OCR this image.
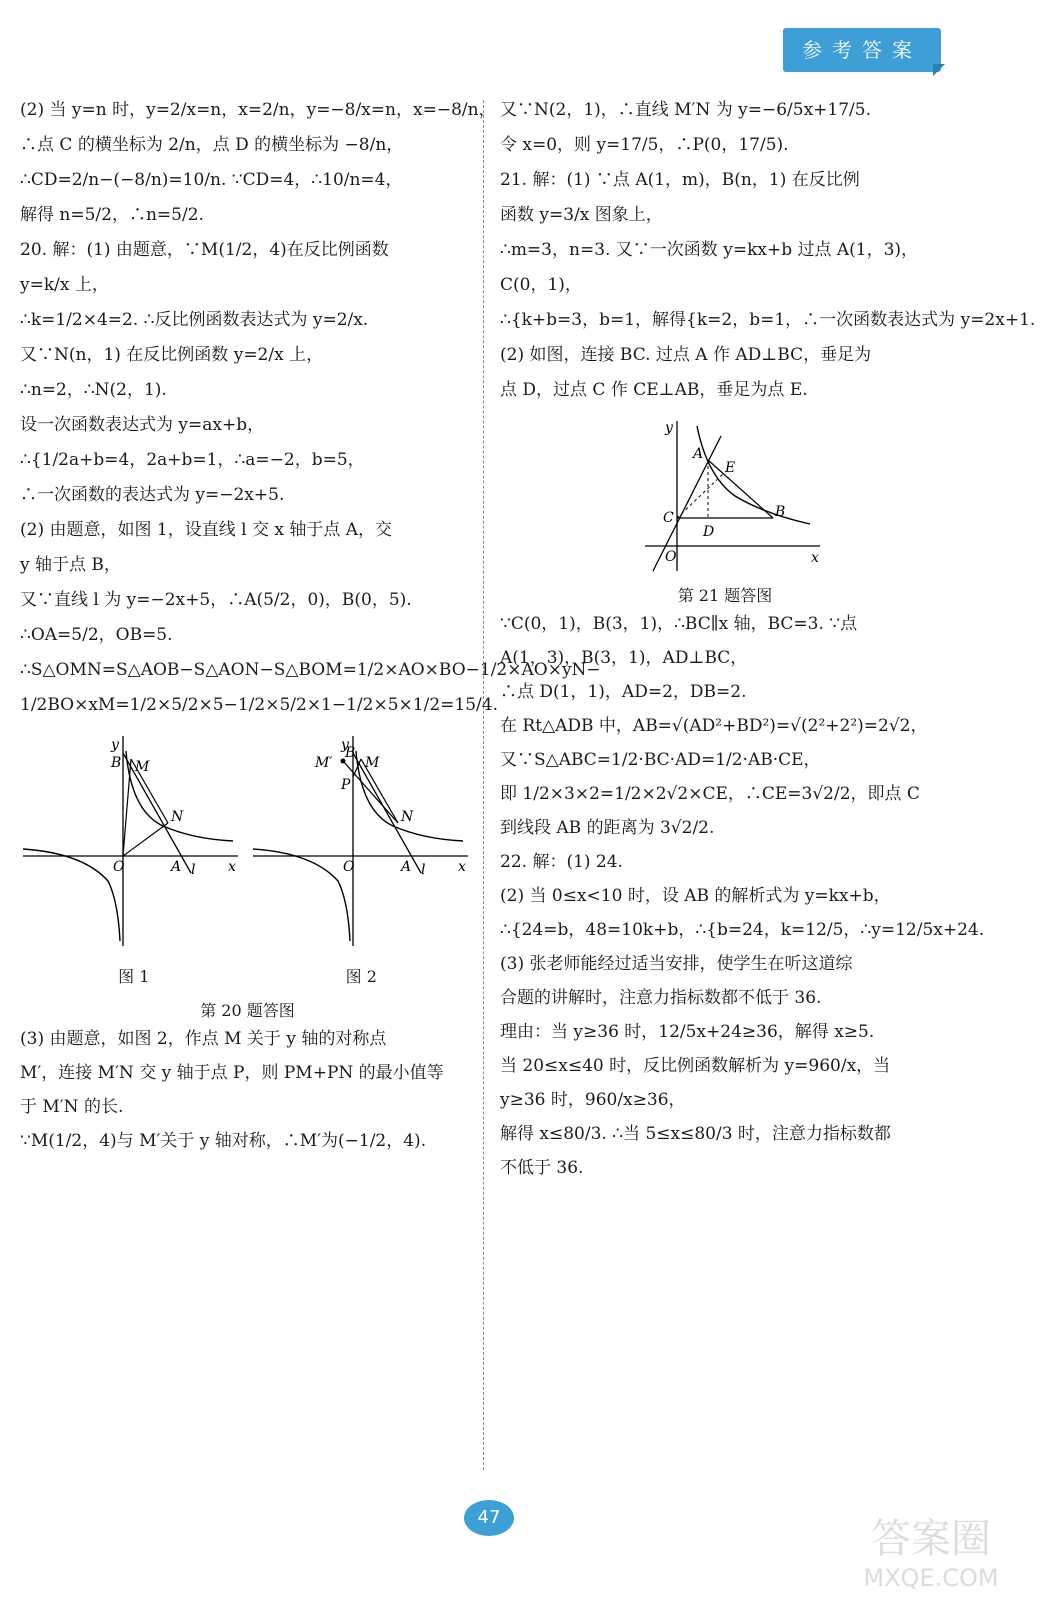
参考答案

(2) 当 y=n 时，y=2/x=n，x=2/n，y=−8/x=n，x=−8/n，

∴点 C 的横坐标为 2/n，点 D 的横坐标为 −8/n，

∴CD=2/n−(−8/n)=10/n. ∵CD=4，∴10/n=4，

解得 n=5/2，∴n=5/2.

20. 解：(1) 由题意，∵M(1/2，4)在反比例函数

y=k/x 上，

∴k=1/2×4=2. ∴反比例函数表达式为 y=2/x.

又∵N(n，1) 在反比例函数 y=2/x 上，

∴n=2，∴N(2，1).

设一次函数表达式为 y=ax+b，

∴{1/2a+b=4，2a+b=1，∴a=−2，b=5，

∴一次函数的表达式为 y=−2x+5.

(2) 由题意，如图 1，设直线 l 交 x 轴于点 A，交

y 轴于点 B，

又∵直线 l 为 y=−2x+5，∴A(5/2，0)，B(0，5).

∴OA=5/2，OB=5.

∴S△OMN=S△AOB−S△AON−S△BOM=1/2×AO×BO−1/2×AO×yN−

1/2BO×xM=1/2×5/2×5−1/2×5/2×1−1/2×5×1/2=15/4.

y
x
O
B M
N
A l
y
x
O
B
M
M′
P
N
A l
图 1	图 2
第 20 题答图

(3) 由题意，如图 2，作点 M 关于 y 轴的对称点

M′，连接 M′N 交 y 轴于点 P，则 PM+PN 的最小值等

于 M′N 的长.

∵M(1/2，4)与 M′关于 y 轴对称，∴M′为(−1/2，4).

又∵N(2，1)，∴直线 M′N 为 y=−6/5x+17/5.

令 x=0，则 y=17/5，∴P(0，17/5).

21. 解：(1) ∵点 A(1，m)，B(n，1) 在反比例

函数 y=3/x 图象上，

∴m=3，n=3. 又∵一次函数 y=kx+b 过点 A(1，3)，

C(0，1)，

∴{k+b=3，b=1，解得{k=2，b=1，∴一次函数表达式为 y=2x+1.

(2) 如图，连接 BC. 过点 A 作 AD⊥BC，垂足为

点 D，过点 C 作 CE⊥AB，垂足为点 E.

y
x
O
A
E
C
D
B
第 21 题答图

∵C(0，1)，B(3，1)，∴BC∥x 轴，BC=3. ∵点

A(1，3)，B(3，1)，AD⊥BC，

∴点 D(1，1)，AD=2，DB=2.

在 Rt△ADB 中，AB=√(AD²+BD²)=√(2²+2²)=2√2，

又∵S△ABC=1/2·BC·AD=1/2·AB·CE，

即 1/2×3×2=1/2×2√2×CE，∴CE=3√2/2，即点 C

到线段 AB 的距离为 3√2/2.

22. 解：(1) 24.

(2) 当 0≤x<10 时，设 AB 的解析式为 y=kx+b，

∴{24=b，48=10k+b，∴{b=24，k=12/5，∴y=12/5x+24.

(3) 张老师能经过适当安排，使学生在听这道综

合题的讲解时，注意力指标数都不低于 36.

理由：当 y≥36 时，12/5x+24≥36，解得 x≥5.

当 20≤x≤40 时，反比例函数解析为 y=960/x，当

y≥36 时，960/x≥36，

解得 x≤80/3. ∴当 5≤x≤80/3 时，注意力指标数都

不低于 36.

47	答案圈
MXQE.COM
